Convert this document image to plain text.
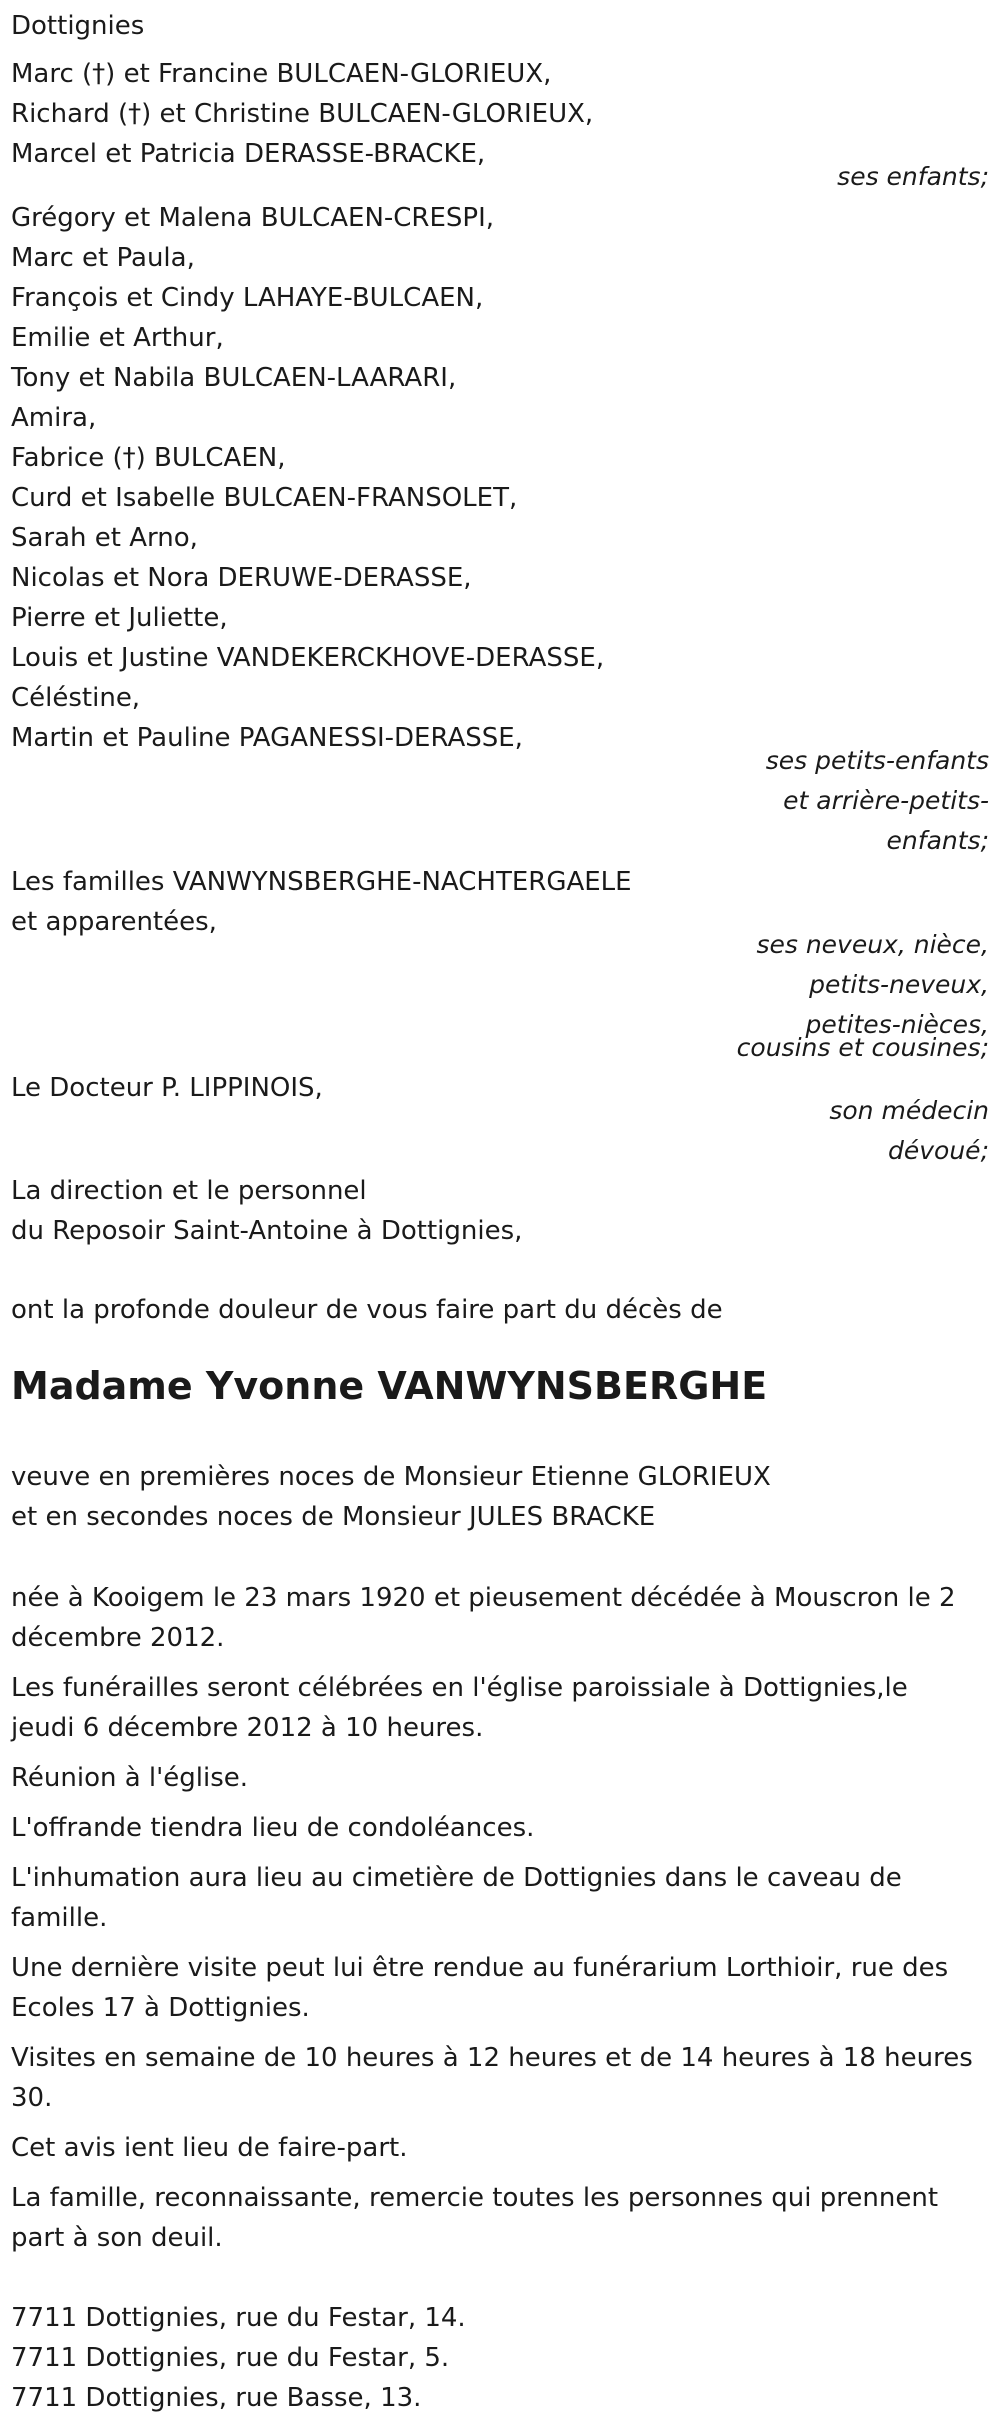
Dottignies

Marc (†) et Francine BULCAEN-GLORIEUX,

Richard (†) et Christine BULCAEN-GLORIEUX,

Marcel et Patricia DERASSE-BRACKE,

ses enfants;

Grégory et Malena BULCAEN-CRESPI,

Marc et Paula,

François et Cindy LAHAYE-BULCAEN,

Emilie et Arthur,

Tony et Nabila BULCAEN-LAARARI,

Amira,

Fabrice (†) BULCAEN,

Curd et Isabelle BULCAEN-FRANSOLET,

Sarah et Arno,

Nicolas et Nora DERUWE-DERASSE,

Pierre et Juliette,

Louis et Justine VANDEKERCKHOVE-DERASSE,

Céléstine,

Martin et Pauline PAGANESSI-DERASSE,

ses petits-enfants

et arrière-petits-

enfants;

Les familles VANWYNSBERGHE-NACHTERGAELE

et apparentées,

ses neveux, nièce,

petits-neveux,

petites-nièces,

cousins et cousines;

Le Docteur P. LIPPINOIS,

son médecin

dévoué;

La direction et le personnel

du Reposoir Saint-Antoine à Dottignies,

ont la profonde douleur de vous faire part du décès de

Madame Yvonne VANWYNSBERGHE

veuve en premières noces de Monsieur Etienne GLORIEUX

et en secondes noces de Monsieur JULES BRACKE

née à Kooigem le 23 mars 1920 et pieusement décédée à Mouscron le 2

décembre 2012.

Les funérailles seront célébrées en l'église paroissiale à Dottignies,le

jeudi 6 décembre 2012 à 10 heures.

Réunion à l'église.

L'offrande tiendra lieu de condoléances.

L'inhumation aura lieu au cimetière de Dottignies dans le caveau de

famille.

Une dernière visite peut lui être rendue au funérarium Lorthioir, rue des

Ecoles 17 à Dottignies.

Visites en semaine de 10 heures à 12 heures et de 14 heures à 18 heures

30.

Cet avis ient lieu de faire-part.

La famille, reconnaissante, remercie toutes les personnes qui prennent

part à son deuil.

7711 Dottignies, rue du Festar, 14.

7711 Dottignies, rue du Festar, 5.

7711 Dottignies, rue Basse, 13.
